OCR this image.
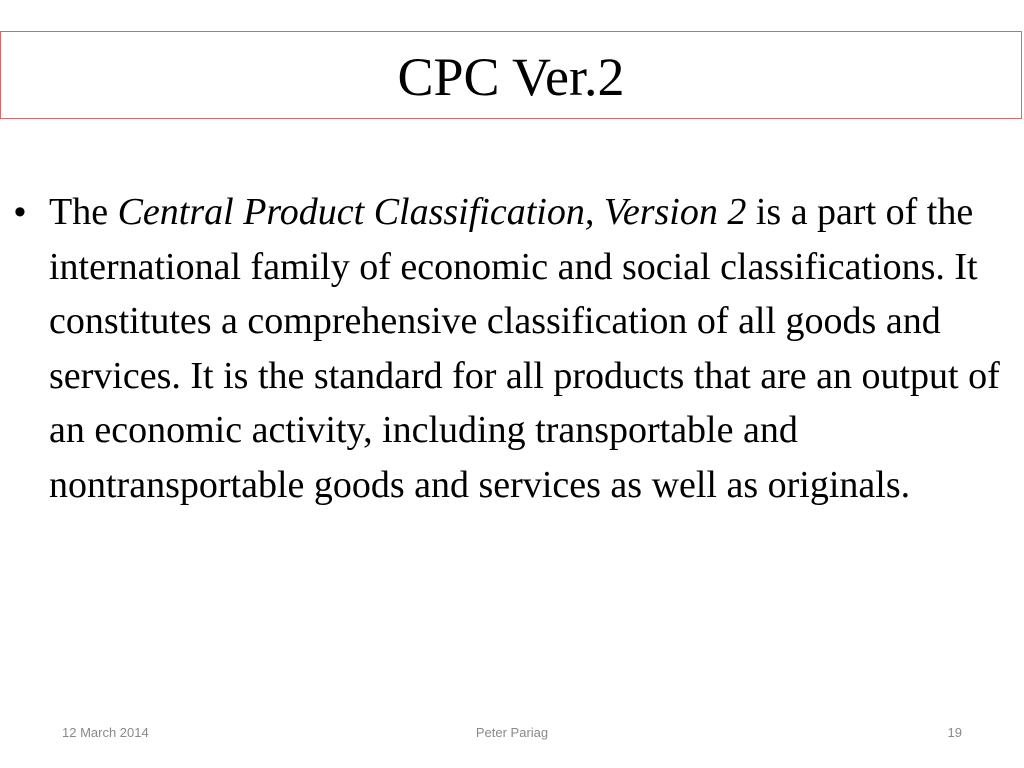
CPC Ver.2
• The Central Product Classification, Version 2 is a part of the international family of economic and social classifications. It constitutes a comprehensive classification of all goods and services. It is the standard for all products that are an output of an economic activity, including transportable and nontransportable goods and services as well as originals.
Peter Pariag
12 March 2014	19
